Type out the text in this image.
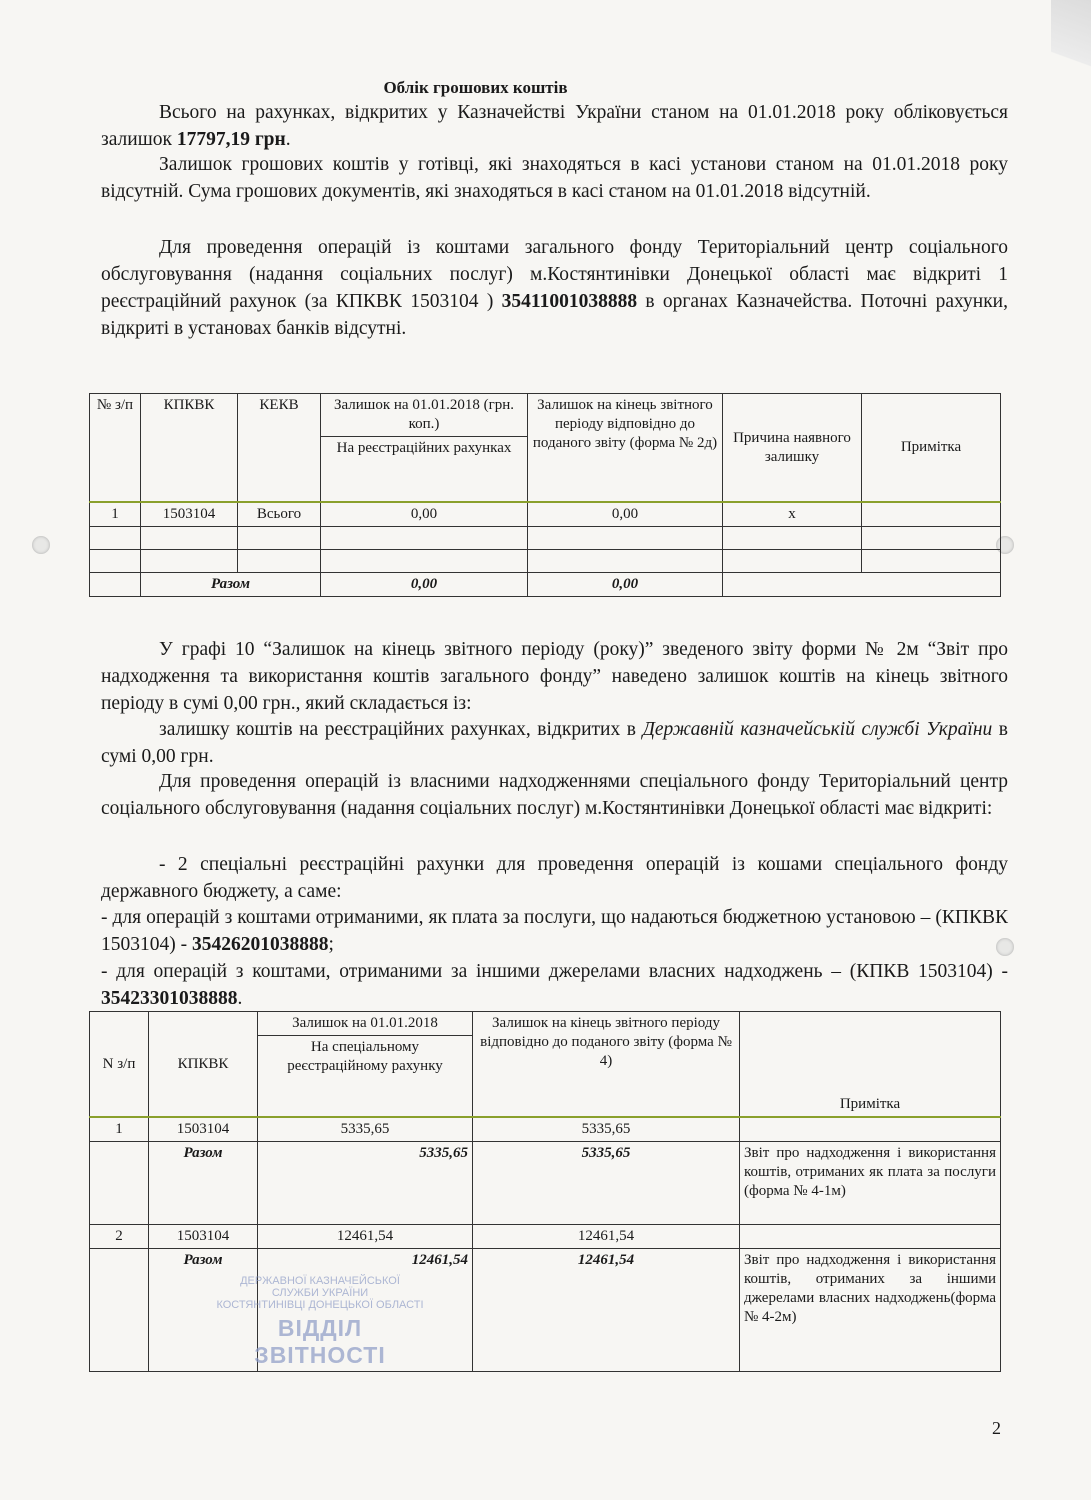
Облік грошових коштів
Всього на рахунках, відкритих у Казначействі України станом на 01.01.2018 року обліковується залишок 17797,19 грн.
Залишок грошових коштів у готівці, які знаходяться в касі установи станом на 01.01.2018 року відсутній. Сума грошових документів, які знаходяться в касі станом на 01.01.2018 відсутній.
Для проведення операцій із коштами загального фонду Територіальний центр соціального обслуговування (надання соціальних послуг) м.Костянтинівки Донецької області має відкриті 1 реєстраційний рахунок (за КПКВК 1503104 ) 35411001038888 в органах Казначейства. Поточні рахунки, відкриті в установах банків відсутні.
№ з/п	КПКВК	КЕКВ	Залишок на 01.01.2018 (грн. коп.)	Залишок на кінець звітного періоду відповідно до поданого звіту (форма № 2д)	Причина наявного залишку	Примітка
			На реєстраційних рахунках			
1	1503104	Всього	0,00	0,00	х	

	Разом		0,00	0,00		
У графі 10 “Залишок на кінець звітного періоду (року)” зведеного звіту форми № 2м “Звіт про надходження та використання коштів загального фонду” наведено залишок коштів на кінець звітного періоду в сумі 0,00 грн., який складається із:
залишку коштів на реєстраційних рахунках, відкритих в Державній казначейській службі України в сумі 0,00 грн.
Для проведення операцій із власними надходженнями спеціального фонду Територіальний центр соціального обслуговування (надання соціальних послуг) м.Костянтинівки Донецької області має відкриті:
- 2 спеціальні реєстраційні рахунки для проведення операцій із кошами спеціального фонду державного бюджету, а саме:
- для операцій з коштами отриманими, як плата за послуги, що надаються бюджетною установою – (КПКВК 1503104) - 35426201038888;
- для операцій з коштами, отриманими за іншими джерелами власних надходжень – (КПКВ 1503104) - 35423301038888.
N з/п	КПКВК	Залишок на 01.01.2018	Залишок на кінець звітного періоду відповідно до поданого звіту (форма № 4)	Примітка
		На спеціальному реєстраційному рахунку		
1	1503104	5335,65	5335,65	
	Разом	5335,65	5335,65	Звіт про надходження і використання коштів, отриманих як плата за послуги (форма № 4-1м)
2	1503104	12461,54	12461,54	
	Разом	12461,54	12461,54	Звіт про надходження і використання коштів, отриманих за іншими джерелами власних надходжень(форма № 4-2м)
ДЕРЖАВНОЇ КАЗНАЧЕЙСЬКОЇ
СЛУЖБИ УКРАЇНИ
КОСТЯНТИНІВЦІ ДОНЕЦЬКОЇ ОБЛАСТІ
ВІДДІЛ ЗВІТНОСТІ
2
